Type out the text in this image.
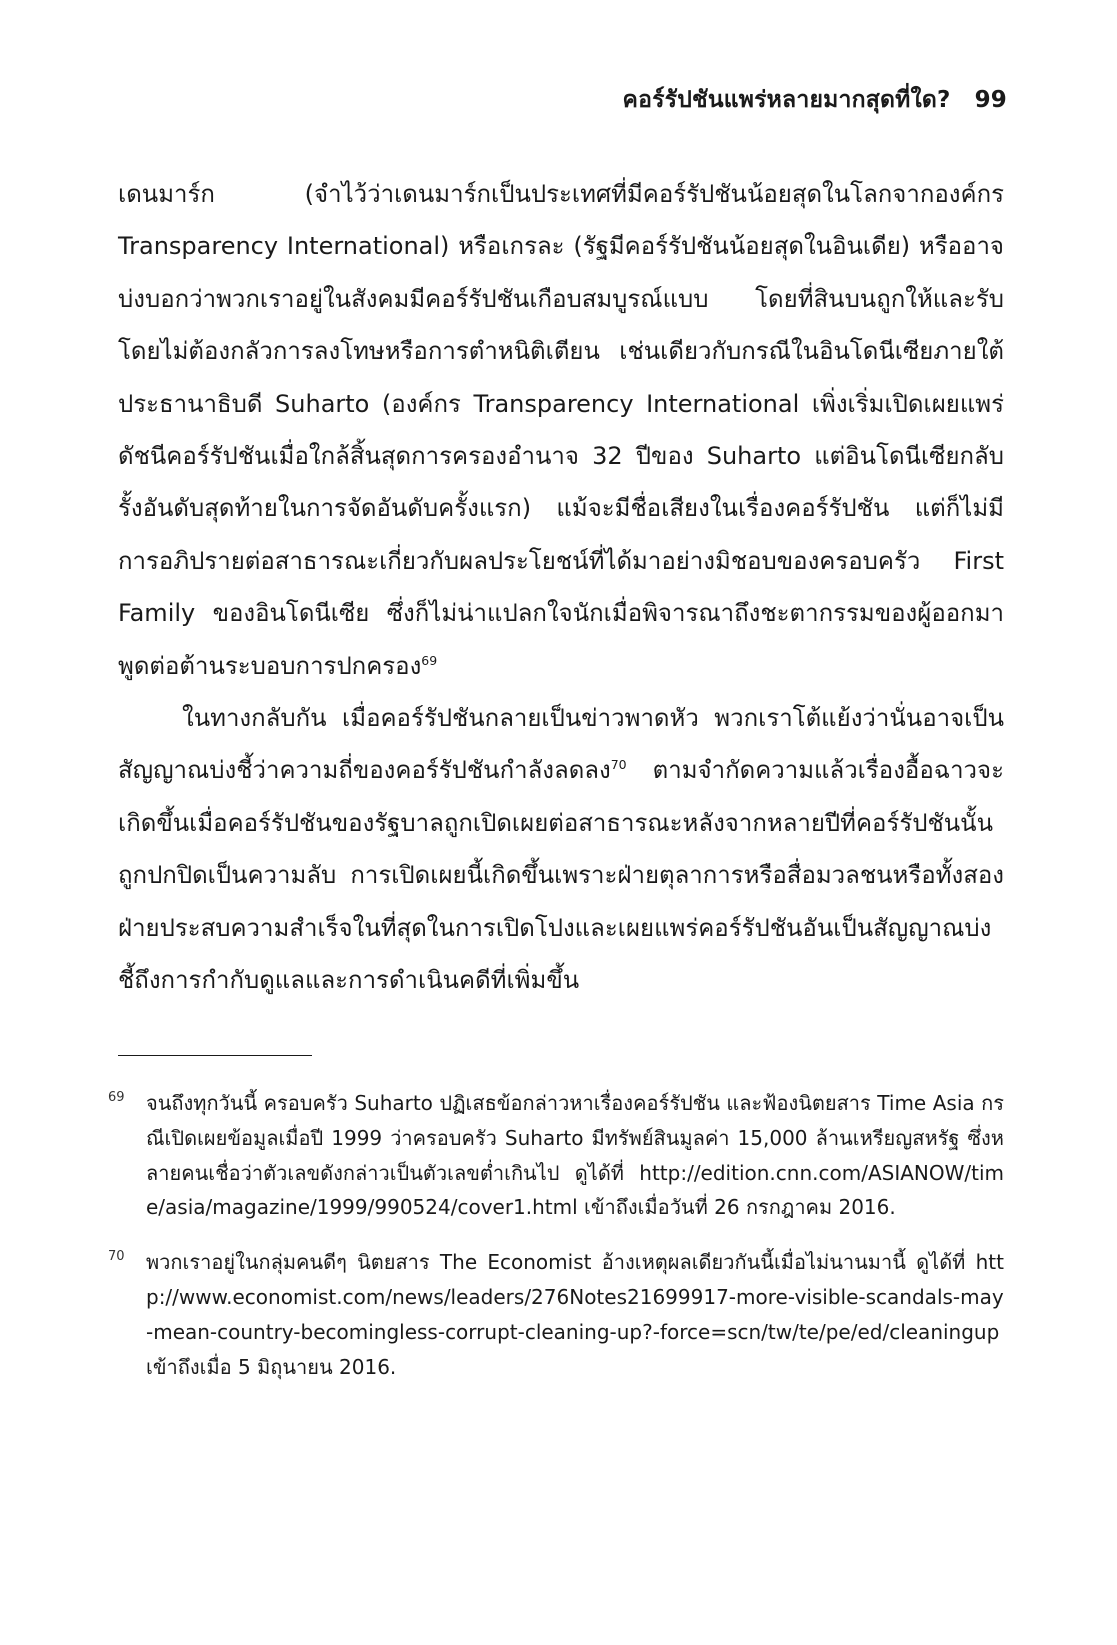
คอร์รัปชันแพร่หลายมากสุดที่ใด? 99

เดนมาร์ก (จำไว้ว่าเดนมาร์กเป็นประเทศที่มีคอร์รัปชันน้อยสุดในโลกจากองค์กร Transparency International) หรือเกรละ (รัฐมีคอร์รัปชันน้อยสุดในอินเดีย) หรืออาจบ่งบอกว่าพวกเราอยู่ในสังคมมีคอร์รัปชันเกือบสมบูรณ์แบบ โดยที่สินบนถูกให้และรับโดยไม่ต้องกลัวการลงโทษหรือการตำหนิติเตียน เช่นเดียวกับกรณีในอินโดนีเซียภายใต้ประธานาธิบดี Suharto (องค์กร Transparency International เพิ่งเริ่มเปิดเผยแพร่ดัชนีคอร์รัปชันเมื่อใกล้สิ้นสุดการครองอำนาจ 32 ปีของ Suharto แต่อินโดนีเซียกลับรั้งอันดับสุดท้ายในการจัดอันดับครั้งแรก) แม้จะมีชื่อเสียงในเรื่องคอร์รัปชัน แต่ก็ไม่มีการอภิปรายต่อสาธารณะเกี่ยวกับผลประโยชน์ที่ได้มาอย่างมิชอบของครอบครัว First Family ของอินโดนีเซีย ซึ่งก็ไม่น่าแปลกใจนักเมื่อพิจารณาถึงชะตากรรมของผู้ออกมาพูดต่อต้านระบอบการปกครอง$^{69}$

ในทางกลับกัน เมื่อคอร์รัปชันกลายเป็นข่าวพาดหัว พวกเราโต้แย้งว่านั่นอาจเป็นสัญญาณบ่งชี้ว่าความถี่ของคอร์รัปชันกำลังลดลง$^{70}$ ตามจำกัดความแล้วเรื่องอื้อฉาวจะเกิดขึ้นเมื่อคอร์รัปชันของรัฐบาลถูกเปิดเผยต่อสาธารณะหลังจากหลายปีที่คอร์รัปชันนั้นถูกปกปิดเป็นความลับ การเปิดเผยนี้เกิดขึ้นเพราะฝ่ายตุลาการหรือสื่อมวลชนหรือทั้งสองฝ่ายประสบความสำเร็จในที่สุดในการเปิดโปงและเผยแพร่คอร์รัปชันอันเป็นสัญญาณบ่งชี้ถึงการกำกับดูแลและการดำเนินคดีที่เพิ่มขึ้น

69	จนถึงทุกวันนี้ ครอบครัว Suharto ปฏิเสธข้อกล่าวหาเรื่องคอร์รัปชัน และฟ้องนิตยสาร Time Asia กรณีเปิดเผยข้อมูลเมื่อปี 1999 ว่าครอบครัว Suharto มีทรัพย์สินมูลค่า 15,000 ล้านเหรียญสหรัฐ ซึ่งหลายคนเชื่อว่าตัวเลขดังกล่าวเป็นตัวเลขต่ำเกินไป ดูได้ที่ http://edition.cnn.com/ASIANOW/time/asia/magazine/1999/990524/cover1.html เข้าถึงเมื่อวันที่ 26 กรกฎาคม 2016.
70	พวกเราอยู่ในกลุ่มคนดีๆ นิตยสาร The Economist อ้างเหตุผลเดียวกันนี้เมื่อไม่นานมานี้ ดูได้ที่ http://www.economist.com/news/leaders/276Notes21699917-more-visible-scandals-may-mean-country-becomingless-corrupt-cleaning-up?-force=scn/tw/te/pe/ed/cleaningup เข้าถึงเมื่อ 5 มิถุนายน 2016.
